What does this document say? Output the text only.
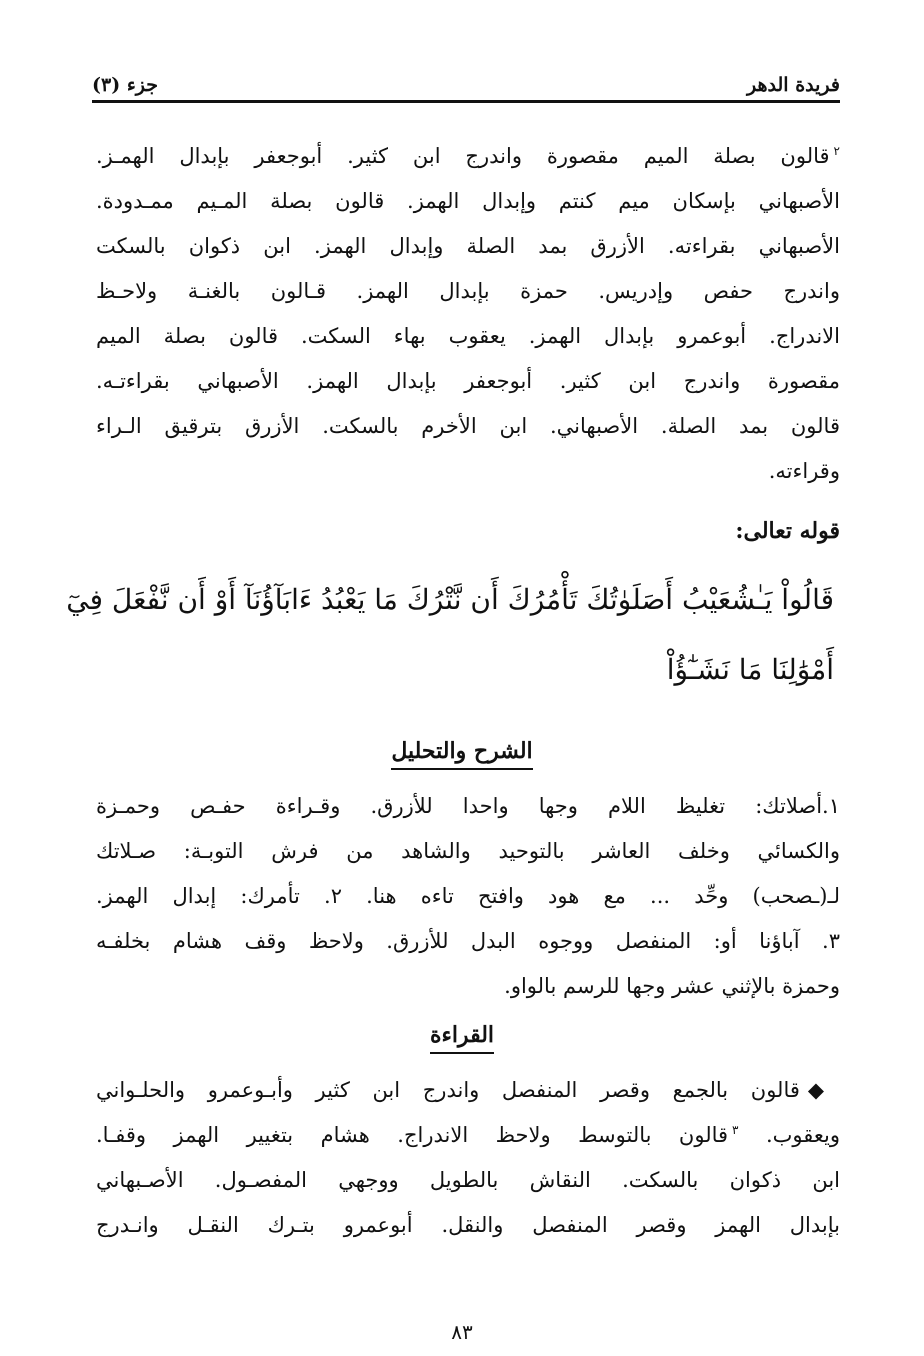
فريدة الدهر
جزء (٣)
$^٢$قالون بصلة الميم مقصورة واندرج ابن كثير. أبوجعفر بإبدال الهمـز.
الأصبهاني بإسكان ميم كنتم وإبدال الهمز. قالون بصلة المـيم ممـدودة.
الأصبهاني بقراءته. الأزرق بمد الصلة وإبدال الهمز. ابن ذكوان بالسكت
واندرج حفص وإدريس. حمزة بإبدال الهمز. قـالون بالغنـة ولاحـظ
الاندراج. أبوعمرو بإبدال الهمز. يعقوب بهاء السكت. قالون بصلة الميم
مقصورة واندرج ابن كثير. أبوجعفر بإبدال الهمز. الأصبهاني بقراءتـه.
قالون بمد الصلة. الأصبهاني. ابن الأخرم بالسكت. الأزرق بترقيق الـراء
وقراءته.
قوله تعالى:
قَالُواْ يَـٰشُعَيْبُ أَصَلَوٰتُكَ تَأْمُرُكَ أَن نَّتْرُكَ مَا يَعْبُدُ ءَابَآؤُنَآ أَوْ أَن نَّفْعَلَ فِيٓ
أَمْوَٰلِنَا مَا نَشَـٰٓؤُاْ
الشرح والتحليل
١.أصلاتك: تغليظ اللام وجها واحدا للأزرق. وقـراءة حفـص وحمـزة
والكسائي وخلف العاشر بالتوحيد والشاهد من فرش التوبـة: صـلاتك
لـ(ـصحب) وحِّد ... مع هود وافتح تاءه هنا. ٢. تأمرك: إبدال الهمز.
٣. آباؤنا أو: المنفصل ووجوه البدل للأزرق. ولاحظ وقف هشام بخلفـه
وحمزة بالإثني عشر وجها للرسم بالواو.
القراءة
◆قالون بالجمع وقصر المنفصل واندرج ابن كثير وأبـوعمرو والحلـواني
ويعقوب. $^٣$قالون بالتوسط ولاحظ الاندراج. هشام بتغيير الهمز وقفـا.
ابن ذكوان بالسكت. النقاش بالطويل ووجهي المفصـول. الأصـبهاني
بإبدال الهمز وقصر المنفصل والنقل. أبوعمرو بتـرك النقـل وانـدرج
٨٣
